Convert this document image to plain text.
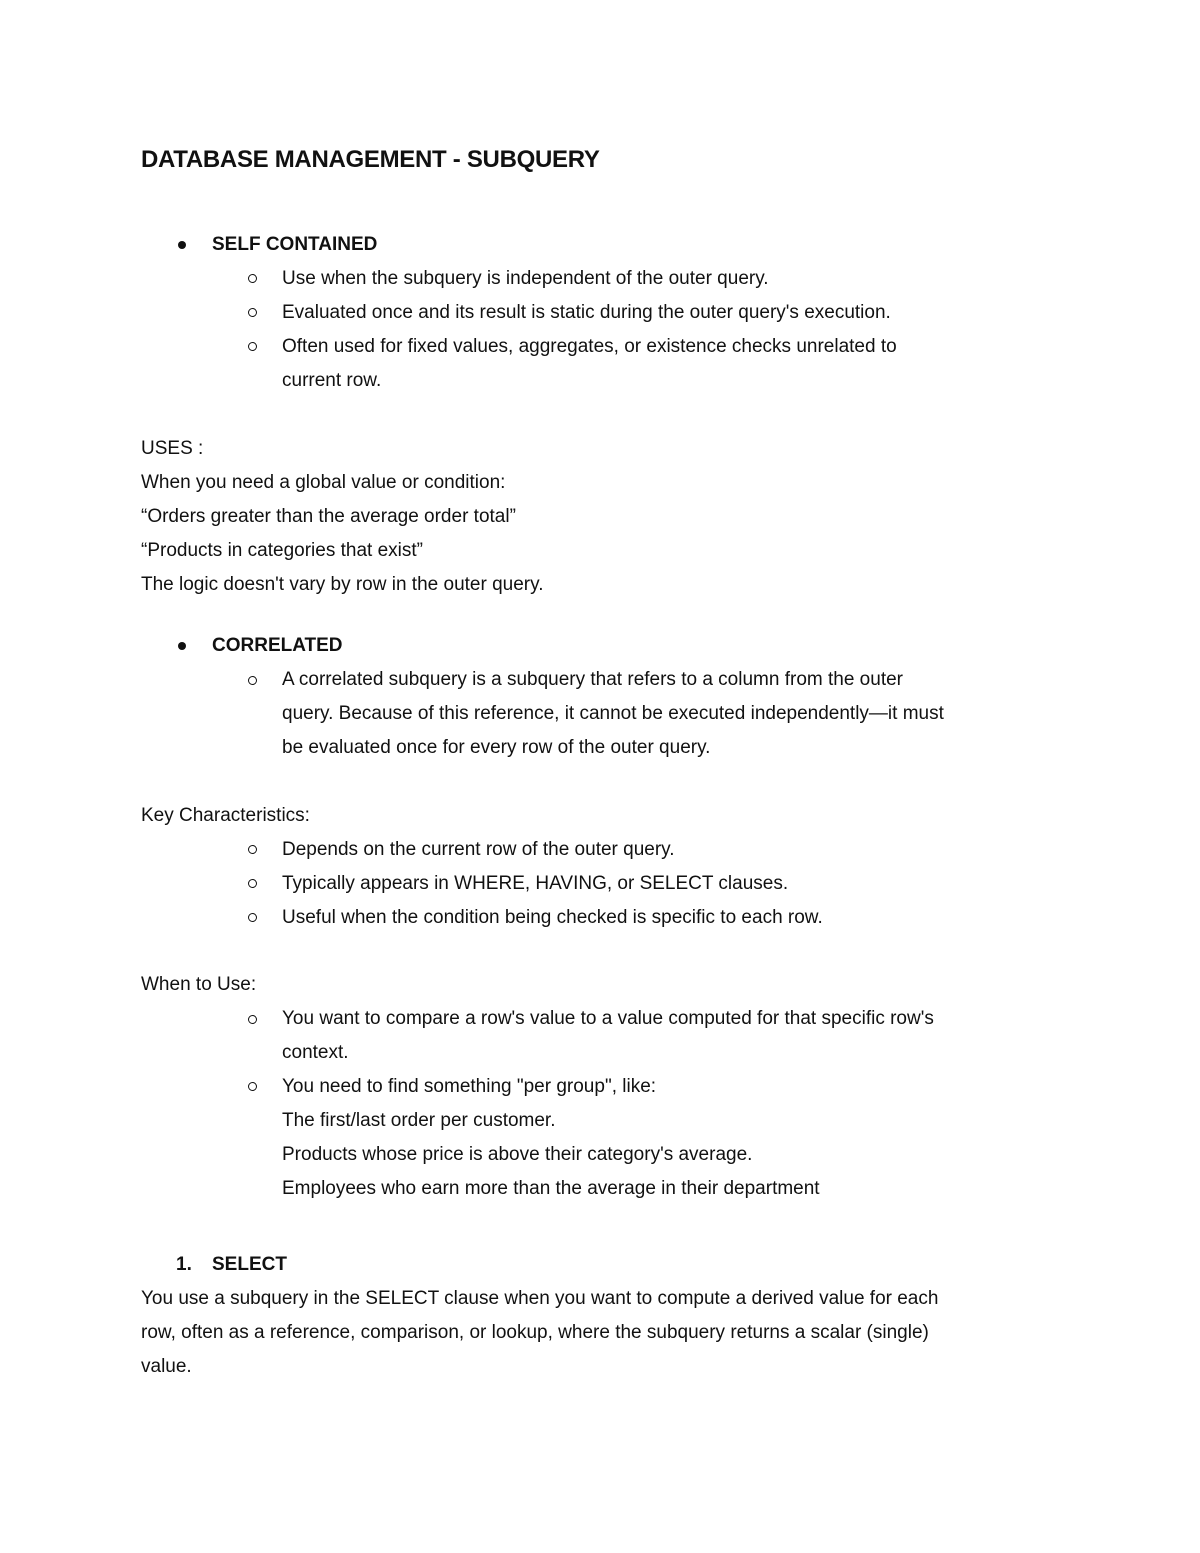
DATABASE MANAGEMENT - SUBQUERY
SELF CONTAINED
Use when the subquery is independent of the outer query.
Evaluated once and its result is static during the outer query's execution.
Often used for fixed values, aggregates, or existence checks unrelated to
current row.
USES :
When you need a global value or condition:
“Orders greater than the average order total”
“Products in categories that exist”
The logic doesn't vary by row in the outer query.
CORRELATED
A correlated subquery is a subquery that refers to a column from the outer
query. Because of this reference, it cannot be executed independently—it must
be evaluated once for every row of the outer query.
Key Characteristics:
Depends on the current row of the outer query.
Typically appears in WHERE, HAVING, or SELECT clauses.
Useful when the condition being checked is specific to each row.
When to Use:
You want to compare a row's value to a value computed for that specific row's
context.
You need to find something "per group", like:
The first/last order per customer.
Products whose price is above their category's average.
Employees who earn more than the average in their department
1. SELECT
You use a subquery in the SELECT clause when you want to compute a derived value for each
row, often as a reference, comparison, or lookup, where the subquery returns a scalar (single)
value.
